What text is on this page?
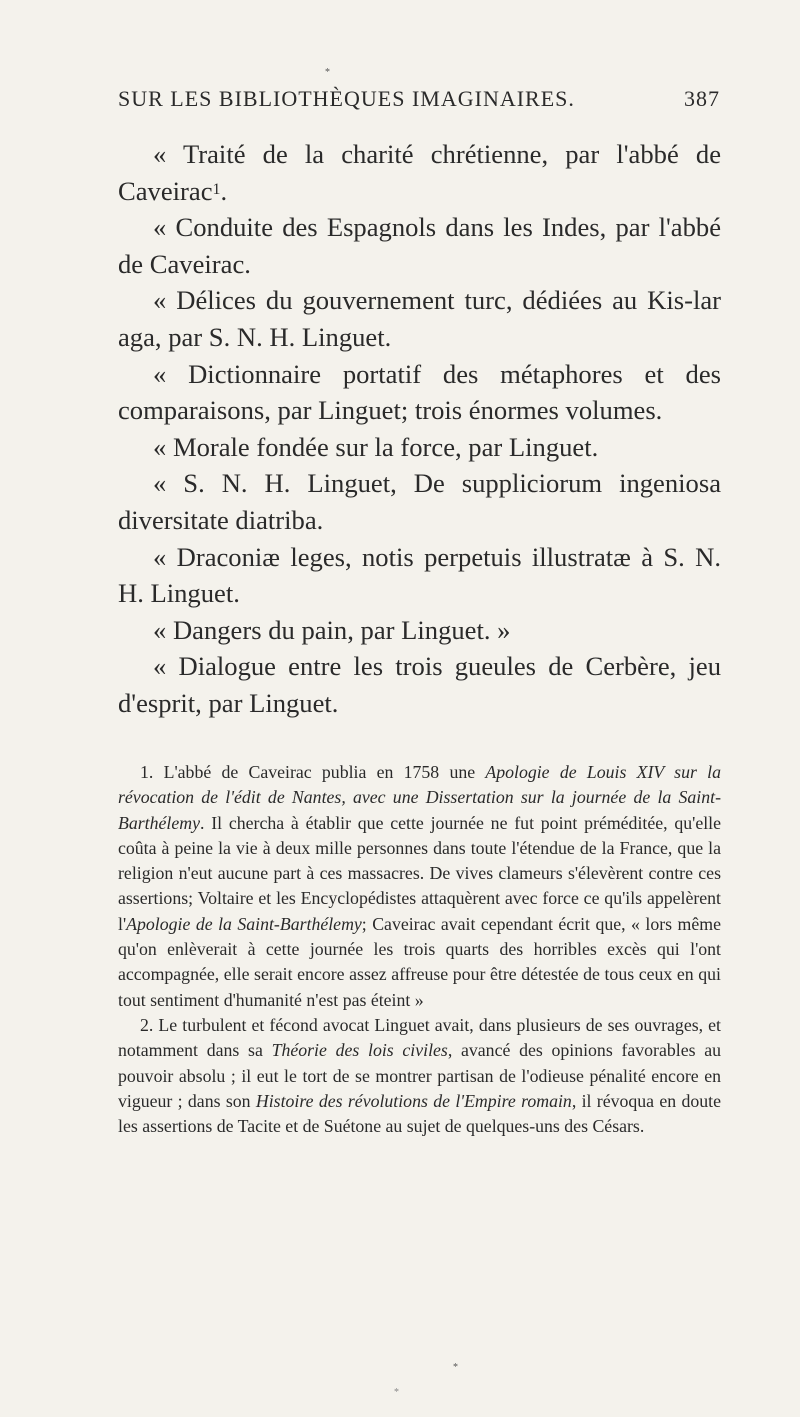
*
SUR LES BIBLIOTHÈQUES IMAGINAIRES.	387

« Traité de la charité chrétienne, par l'abbé de Caveirac$^1$.

« Conduite des Espagnols dans les Indes, par l'abbé de Caveirac.

« Délices du gouvernement turc, dédiées au Kis-lar aga, par S. N. H. Linguet.

« Dictionnaire portatif des métaphores et des comparaisons, par Linguet; trois énormes volumes.

« Morale fondée sur la force, par Linguet.

« S. N. H. Linguet, De suppliciorum ingeniosa diversitate diatriba.

« Draconiæ leges, notis perpetuis illustratæ à S. N. H. Linguet.

« Dangers du pain, par Linguet. »

« Dialogue entre les trois gueules de Cerbère, jeu d'esprit, par Linguet.

1. L'abbé de Caveirac publia en 1758 une Apologie de Louis XIV sur la révocation de l'édit de Nantes, avec une Dissertation sur la journée de la Saint-Barthélemy. Il chercha à établir que cette journée ne fut point préméditée, qu'elle coûta à peine la vie à deux mille personnes dans toute l'étendue de la France, que la religion n'eut aucune part à ces massacres. De vives clameurs s'élevèrent contre ces assertions; Voltaire et les Encyclopédistes attaquèrent avec force ce qu'ils appelèrent l'Apologie de la Saint-Barthélemy; Caveirac avait cependant écrit que, « lors même qu'on enlèverait à cette journée les trois quarts des horribles excès qui l'ont accompagnée, elle serait encore assez affreuse pour être détestée de tous ceux en qui tout sentiment d'humanité n'est pas éteint »

2. Le turbulent et fécond avocat Linguet avait, dans plusieurs de ses ouvrages, et notamment dans sa Théorie des lois civiles, avancé des opinions favorables au pouvoir absolu ; il eut le tort de se montrer partisan de l'odieuse pénalité encore en vigueur ; dans son Histoire des révolutions de l'Empire romain, il révoqua en doute les assertions de Tacite et de Suétone au sujet de quelques-uns des Césars.

*
*
